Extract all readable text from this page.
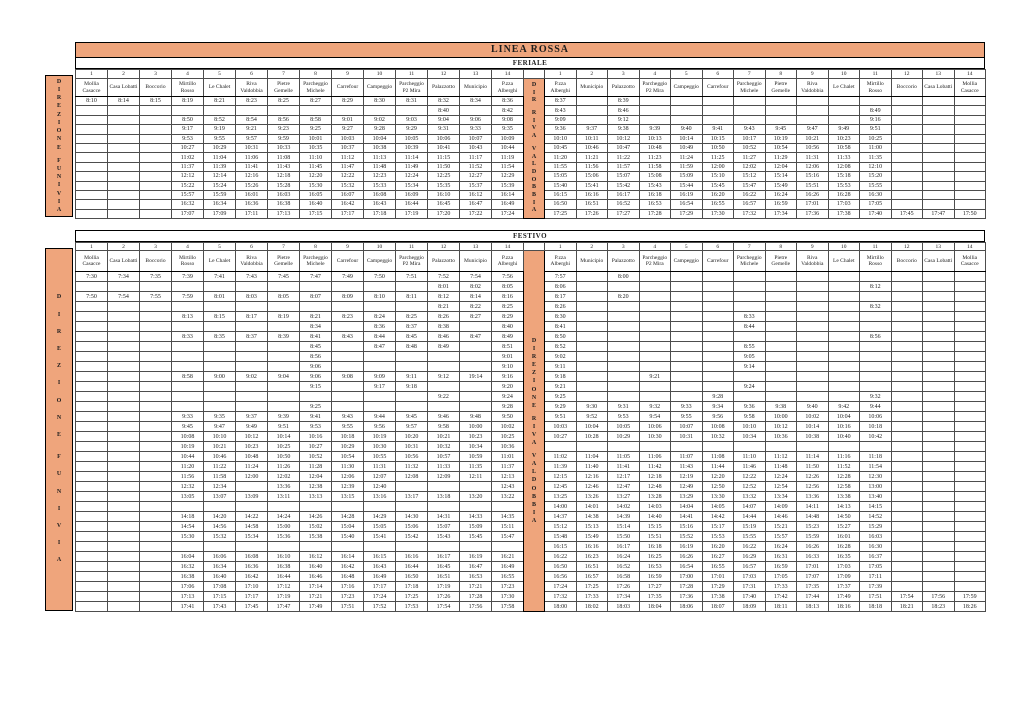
LINEA ROSSA
FERIALE
D
I
R
E
Z
I
O
N
E
F
U
N
I
V
I
A
1	2	3	4	5	6	7	8	9	10	11	12	13	14		1	2	3	4	5	6	7	8	9	10	11	12	13	14
Mollia Casacce	Casa Lobatti	Boccorio	Mirtillo Rosso	Le Chalet	Riva Valdobbia	Pietre Gemelle	Parcheggio Michele	Carrefour	Campeggio	Parcheggio P2 Mira	Palazzotto	Municipio	P.zza Alberghi	
D
I
R
R
I
V
A
V
A
L
D
O
B
B
I
A
	P.zza Alberghi	Municipio	Palazzotto	Parcheggio P2 Mira	Campeggio	Carrefour	Parcheggio Michele	Pietre Gemelle	Riva Valdobbia	Le Chalet	Mirtillo Rosso	Boccorio	Casa Lobatti	Mollia Casacce
8:10	8:14	8:15	8:19	8:21	8:23	8:25	8:27	8:29	8:30	8:31	8:32	8:34	8:36		8:37		8:39											
											8:40		8:42		8:43		8:46								8:49			
			8:50	8:52	8:54	8:56	8:58	9:01	9:02	9:03	9:04	9:06	9:08		9:09		9:12								9:16			
			9:17	9:19	9:21	9:23	9:25	9:27	9:28	9:29	9:31	9:33	9:35		9:36	9:37	9:38	9:39	9:40	9:41	9:43	9:45	9:47	9:49	9:51			
			9:53	9:55	9:57	9:59	10:01	10:03	10:04	10:05	10:06	10:07	10:09		10:10	10:11	10:12	10:13	10:14	10:15	10:17	10:19	10:21	10:23	10:25			
			10:27	10:29	10:31	10:33	10:35	10:37	10:38	10:39	10:41	10:43	10:44		10:45	10:46	10:47	10:48	10:49	10:50	10:52	10:54	10:56	10:58	11:00			
			11:02	11:04	11:06	11:08	11:10	11:12	11:13	11:14	11:15	11:17	11:19		11:20	11:21	11:22	11:23	11:24	11:25	11:27	11:29	11:31	11:33	11:35			
			11:37	11:39	11:41	11:43	11:45	11:47	11:48	11:49	11:50	11:52	11:54		11:55	11:56	11:57	11:58	11:59	12:00	12:02	12:04	12:06	12:08	12:10			
			12:12	12:14	12:16	12:18	12:20	12:22	12:23	12:24	12:25	12:27	12:29		15:05	15:06	15:07	15:08	15:09	15:10	15:12	15:14	15:16	15:18	15:20			
			15:22	15:24	15:26	15:28	15:30	15:32	15:33	15:34	15:35	15:37	15:39		15:40	15:41	15:42	15:43	15:44	15:45	15:47	15:49	15:51	15:53	15:55			
			15:57	15:59	16:01	16:03	16:05	16:07	16:08	16:09	16:10	16:12	16:14		16:15	16:16	16:17	16:18	16:19	16:20	16:22	16:24	16:26	16:28	16:30			
			16:32	16:34	16:36	16:38	16:40	16:42	16:43	16:44	16:45	16:47	16:49		16:50	16:51	16:52	16:53	16:54	16:55	16:57	16:59	17:01	17:03	17:05			
			17:07	17:09	17:11	17:13	17:15	17:17	17:18	17:19	17:20	17:22	17:24		17:25	17:26	17:27	17:28	17:29	17:30	17:32	17:34	17:36	17:38	17:40	17:45	17:47	17:50
FESTIVO
D
I
R
E
Z
I
O
N
E
F
U
N
I
V
I
A
1	2	3	4	5	6	7	8	9	10	11	12	13	14		1	2	3	4	5	6	7	8	9	10	11	12	13	14
Mollia Casacce	Casa Lobatti	Boccorio	Mirtillo Rosso	Le Chalet	Riva Valdobbia	Pietre Gemelle	Parcheggio Michele	Carrefour	Campeggio	Parcheggio P2 Mira	Palazzotto	Municipio	P.zza Alberghi	
D
I
R
E
Z
I
O
N
E
R
I
V
A
V
A
L
D
O
B
B
I
A
	P.zza Alberghi	Municipio	Palazzotto	Parcheggio P2 Mira	Campeggio	Carrefour	Parcheggio Michele	Pietre Gemelle	Riva Valdobbia	Le Chalet	Mirtillo Rosso	Boccorio	Casa Lobatti	Mollia Casacce
7:30	7:34	7:35	7:39	7:41	7:43	7:45	7:47	7:49	7:50	7:51	7:52	7:54	7:56		7:57		8:00											
											8:01	8:02	8:05		8:06										8:12			
7:50	7:54	7:55	7:59	8:01	8:03	8:05	8:07	8:09	8:10	8:11	8:12	8:14	8:16		8:17		8:20											
											8:21	8:22	8:25		8:26										8:32			
			8:13	8:15	8:17	8:19	8:21	8:23	8:24	8:25	8:26	8:27	8:29		8:30						8:33							
							8:34		8:36	8:37	8:38		8:40		8:41						8:44							
			8:33	8:35	8:37	8:39	8:41	8:43	8:44	8:45	8:46	8:47	8:49		8:50										8:56			
							8:45		8:47	8:48	8:49		8:51		8:52						8:55							
							8:56						9:01		9:02						9:05							
							9:06						9:10		9:11						9:14							
			8:58	9:00	9:02	9:04	9:06	9:08	9:09	9:11	9:12	19:14	9:16		9:18			9:21										
							9:15		9:17	9:18			9:20		9:21						9:24							
											9:22		9:24		9:25					9:28					9:32			
							9:25						9:28		9:29	9:30	9:31	9:32	9:33	9:34	9:36	9:38	9:40	9:42	9:44			
			9:33	9:35	9:37	9:39	9:41	9:43	9:44	9:45	9:46	9:48	9:50		9:51	9:52	9:53	9:54	9:55	9:56	9:58	10:00	10:02	10:04	10:06			
			9:45	9:47	9:49	9:51	9:53	9:55	9:56	9:57	9:58	10:00	10:02		10:03	10:04	10:05	10:06	10:07	10:08	10:10	10:12	10:14	10:16	10:18			
			10:08	10:10	10:12	10:14	10:16	10:18	10:19	10:20	10:21	10:23	10:25		10:27	10:28	10:29	10:30	10:31	10:32	10:34	10:36	10:38	10:40	10:42			
			10:19	10:21	10:23	10:25	10:27	10:29	10:30	10:31	10:32	10:34	10:36															
			10:44	10:46	10:48	10:50	10:52	10:54	10:55	10:56	10:57	10:59	11:01		11:02	11:04	11:05	11:06	11:07	11:08	11:10	11:12	11:14	11:16	11:18			
			11:20	11:22	11:24	11:26	11:28	11:30	11:31	11:32	11:33	11:35	11:37		11:39	11:40	11:41	11:42	11:43	11:44	11:46	11:48	11:50	11:52	11:54			
			11:56	11:58	12:00	12:02	12:04	12:06	12:07	12:08	12:09	12:11	12:13		12:15	12:16	12:17	12:18	12:19	12:20	12:22	12:24	12:26	12:28	12:30			
			12:32	12:34		13:36	12:38	12:39	12:40				12:43		12:45	12:46	12:47	12:48	12:49	12:50	12:52	12:54	12:56	12:58	13:00			
			13:05	13:07	13:09	13:11	13:13	13:15	13:16	13:17	13:18	13:20	13:22		13:25	13:26	13:27	13:28	13:29	13:30	13:32	13:34	13:36	13:38	13:40			
															14:00	14:01	14:02	14:03	14:04	14:05	14:07	14:09	14:11	14:13	14:15			
			14:18	14:20	14:22	14:24	14:26	14:28	14:29	14:30	14:31	14:33	14:35		14:37	14:38	14:39	14:40	14:41	14:42	14:44	14:46	14:48	14:50	14:52			
			14:54	14:56	14:58	15:00	15:02	15:04	15:05	15:06	15:07	15:09	15:11		15:12	15:13	15:14	15:15	15:16	15:17	15:19	15:21	15:23	15:27	15:29			
			15:30	15:32	15:34	15:36	15:38	15:40	15:41	15:42	15:43	15:45	15:47		15:48	15:49	15:50	15:51	15:52	15:53	15:55	15:57	15:59	16:01	16:03			
															16:15	16:16	16:17	16:18	16:19	16:20	16:22	16:24	16:26	16:28	16:30			
			16:04	16:06	16:08	16:10	16:12	16:14	16:15	16:16	16:17	16:19	16:21		16:22	16:23	16:24	16:25	16:26	16:27	16:29	16:31	16:33	16:35	16:37			
			16:32	16:34	16:36	16:38	16:40	16:42	16:43	16:44	16:45	16:47	16:49		16:50	16:51	16:52	16:53	16:54	16:55	16:57	16:59	17:01	17:03	17:05			
			16:38	16:40	16:42	16:44	16:46	16:48	16:49	16:50	16:51	16:53	16:55		16:56	16:57	16:58	16:59	17:00	17:01	17:03	17:05	17:07	17:09	17:11			
			17:06	17:08	17:10	17:12	17:14	17:16	17:17	17:18	17:19	17:21	17:23		17:24	17:25	17:26	17:27	17:28	17:29	17:31	17:33	17:35	17:37	17:39			
			17:13	17:15	17:17	17:19	17:21	17:23	17:24	17:25	17:26	17:28	17:30		17:32	17:33	17:34	17:35	17:36	17:38	17:40	17:42	17:44	17:49	17:51	17:54	17:56	17:59
			17:41	17:43	17:45	17:47	17:49	17:51	17:52	17:53	17:54	17:56	17:58		18:00	18:02	18:03	18:04	18:06	18:07	18:09	18:11	18:13	18:16	18:18	18:21	18:23	18:26
